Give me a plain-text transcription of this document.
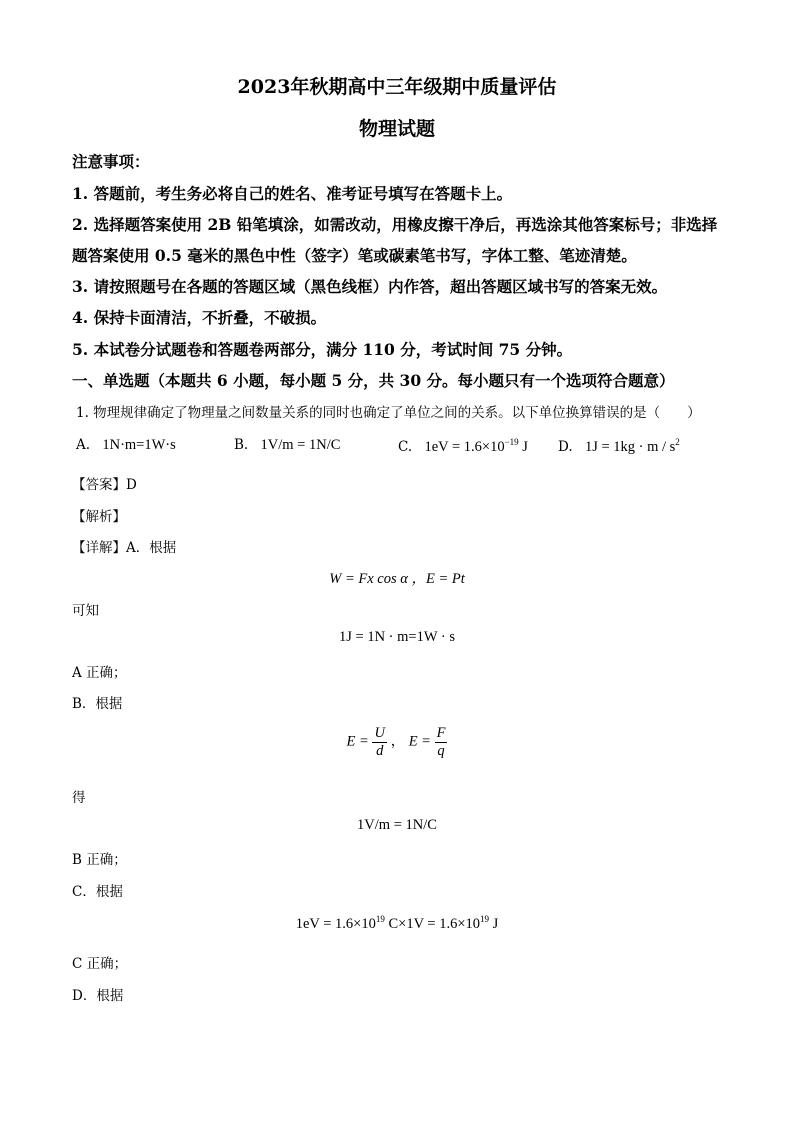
2023年秋期高中三年级期中质量评估
物理试题
注意事项：
1. 答题前，考生务必将自己的姓名、准考证号填写在答题卡上。
2. 选择题答案使用 2B 铅笔填涂，如需改动，用橡皮擦干净后，再选涂其他答案标号；非选择
题答案使用 0.5 毫米的黑色中性（签字）笔或碳素笔书写，字体工整、笔迹清楚。
3. 请按照题号在各题的答题区域（黑色线框）内作答，超出答题区域书写的答案无效。
4. 保持卡面清洁，不折叠，不破损。
5. 本试卷分试题卷和答题卷两部分，满分 110 分，考试时间 75 分钟。
一、单选题（本题共 6 小题，每小题 5 分，共 30 分。每小题只有一个选项符合题意）
1. 物理规律确定了物理量之间数量关系的同时也确定了单位之间的关系。以下单位换算错误的是（　　）
A. 1N·m=1W·s	B. 1V/m = 1N/C	C. $1eV = 1.6\times 10^{-19}$ J D. $1J = 1kg \cdot m / s^2$
【答案】D
【解析】
【详解】A．根据
W = Fx cos α ，E = Pt
可知
1J = 1N · m=1W · s
A 正确；
B．根据
$E = \frac{U}{d}$ ， $E = \frac{F}{q}$
得
1V/m = 1N/C
B 正确；
C．根据
$1eV = 1.6\times 10^{19}$ $C\times 1V = 1.6\times 10^{19}$ J
C 正确；
D．根据
